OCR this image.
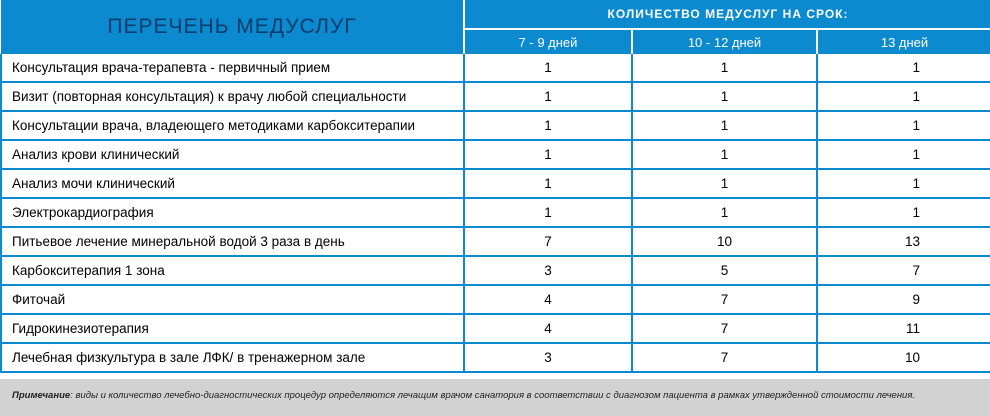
ПЕРЕЧЕНЬ МЕДУСЛУГ	КОЛИЧЕСТВО МЕДУСЛУГ НА СРОК:		
	7 - 9 дней	10 - 12 дней	13 дней
Консультация врача-терапевта - первичный прием	1	1	1
Визит (повторная консультация) к врачу любой специальности	1	1	1
Консультации врача, владеющего методиками карбокситерапии	1	1	1
Анализ крови клинический	1	1	1
Анализ мочи клинический	1	1	1
Электрокардиография	1	1	1
Питьевое лечение минеральной водой 3 раза в день	7	10	13
Карбокситерапия 1 зона	3	5	7
Фиточай	4	7	9
Гидрокинезиотерапия	4	7	11
Лечебная физкультура в зале ЛФК/ в тренажерном зале	3	7	10
Примечание: виды и количество лечебно-диагностических процедур определяются лечащим врачом санатория в соответствии с диагнозом пациента в рамках утвержденной стоимости лечения.
